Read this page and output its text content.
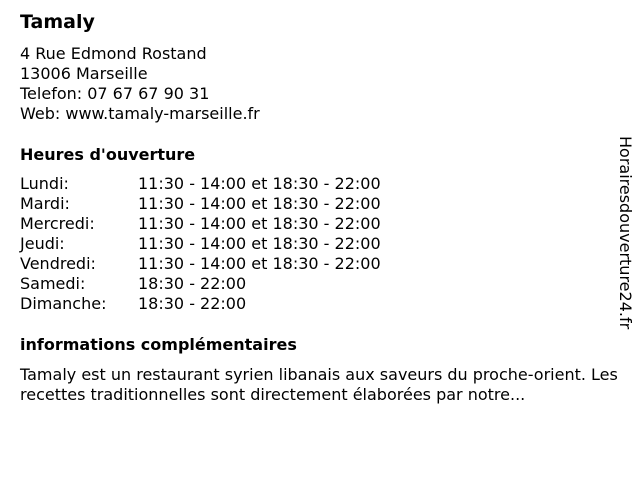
Tamaly
4 Rue Edmond Rostand
13006 Marseille
Telefon: 07 67 67 90 31
Web: www.tamaly-marseille.fr
Heures d'ouverture
Lundi:	11:30 - 14:00 et 18:30 - 22:00
Mardi:	11:30 - 14:00 et 18:30 - 22:00
Mercredi:	11:30 - 14:00 et 18:30 - 22:00
Jeudi:	11:30 - 14:00 et 18:30 - 22:00
Vendredi:	11:30 - 14:00 et 18:30 - 22:00
Samedi:	18:30 - 22:00
Dimanche:	18:30 - 22:00
informations complémentaires

Tamaly est un restaurant syrien libanais aux saveurs du proche-orient. Les recettes traditionnelles sont directement élaborées par notre...

Horairesdouverture24.fr
